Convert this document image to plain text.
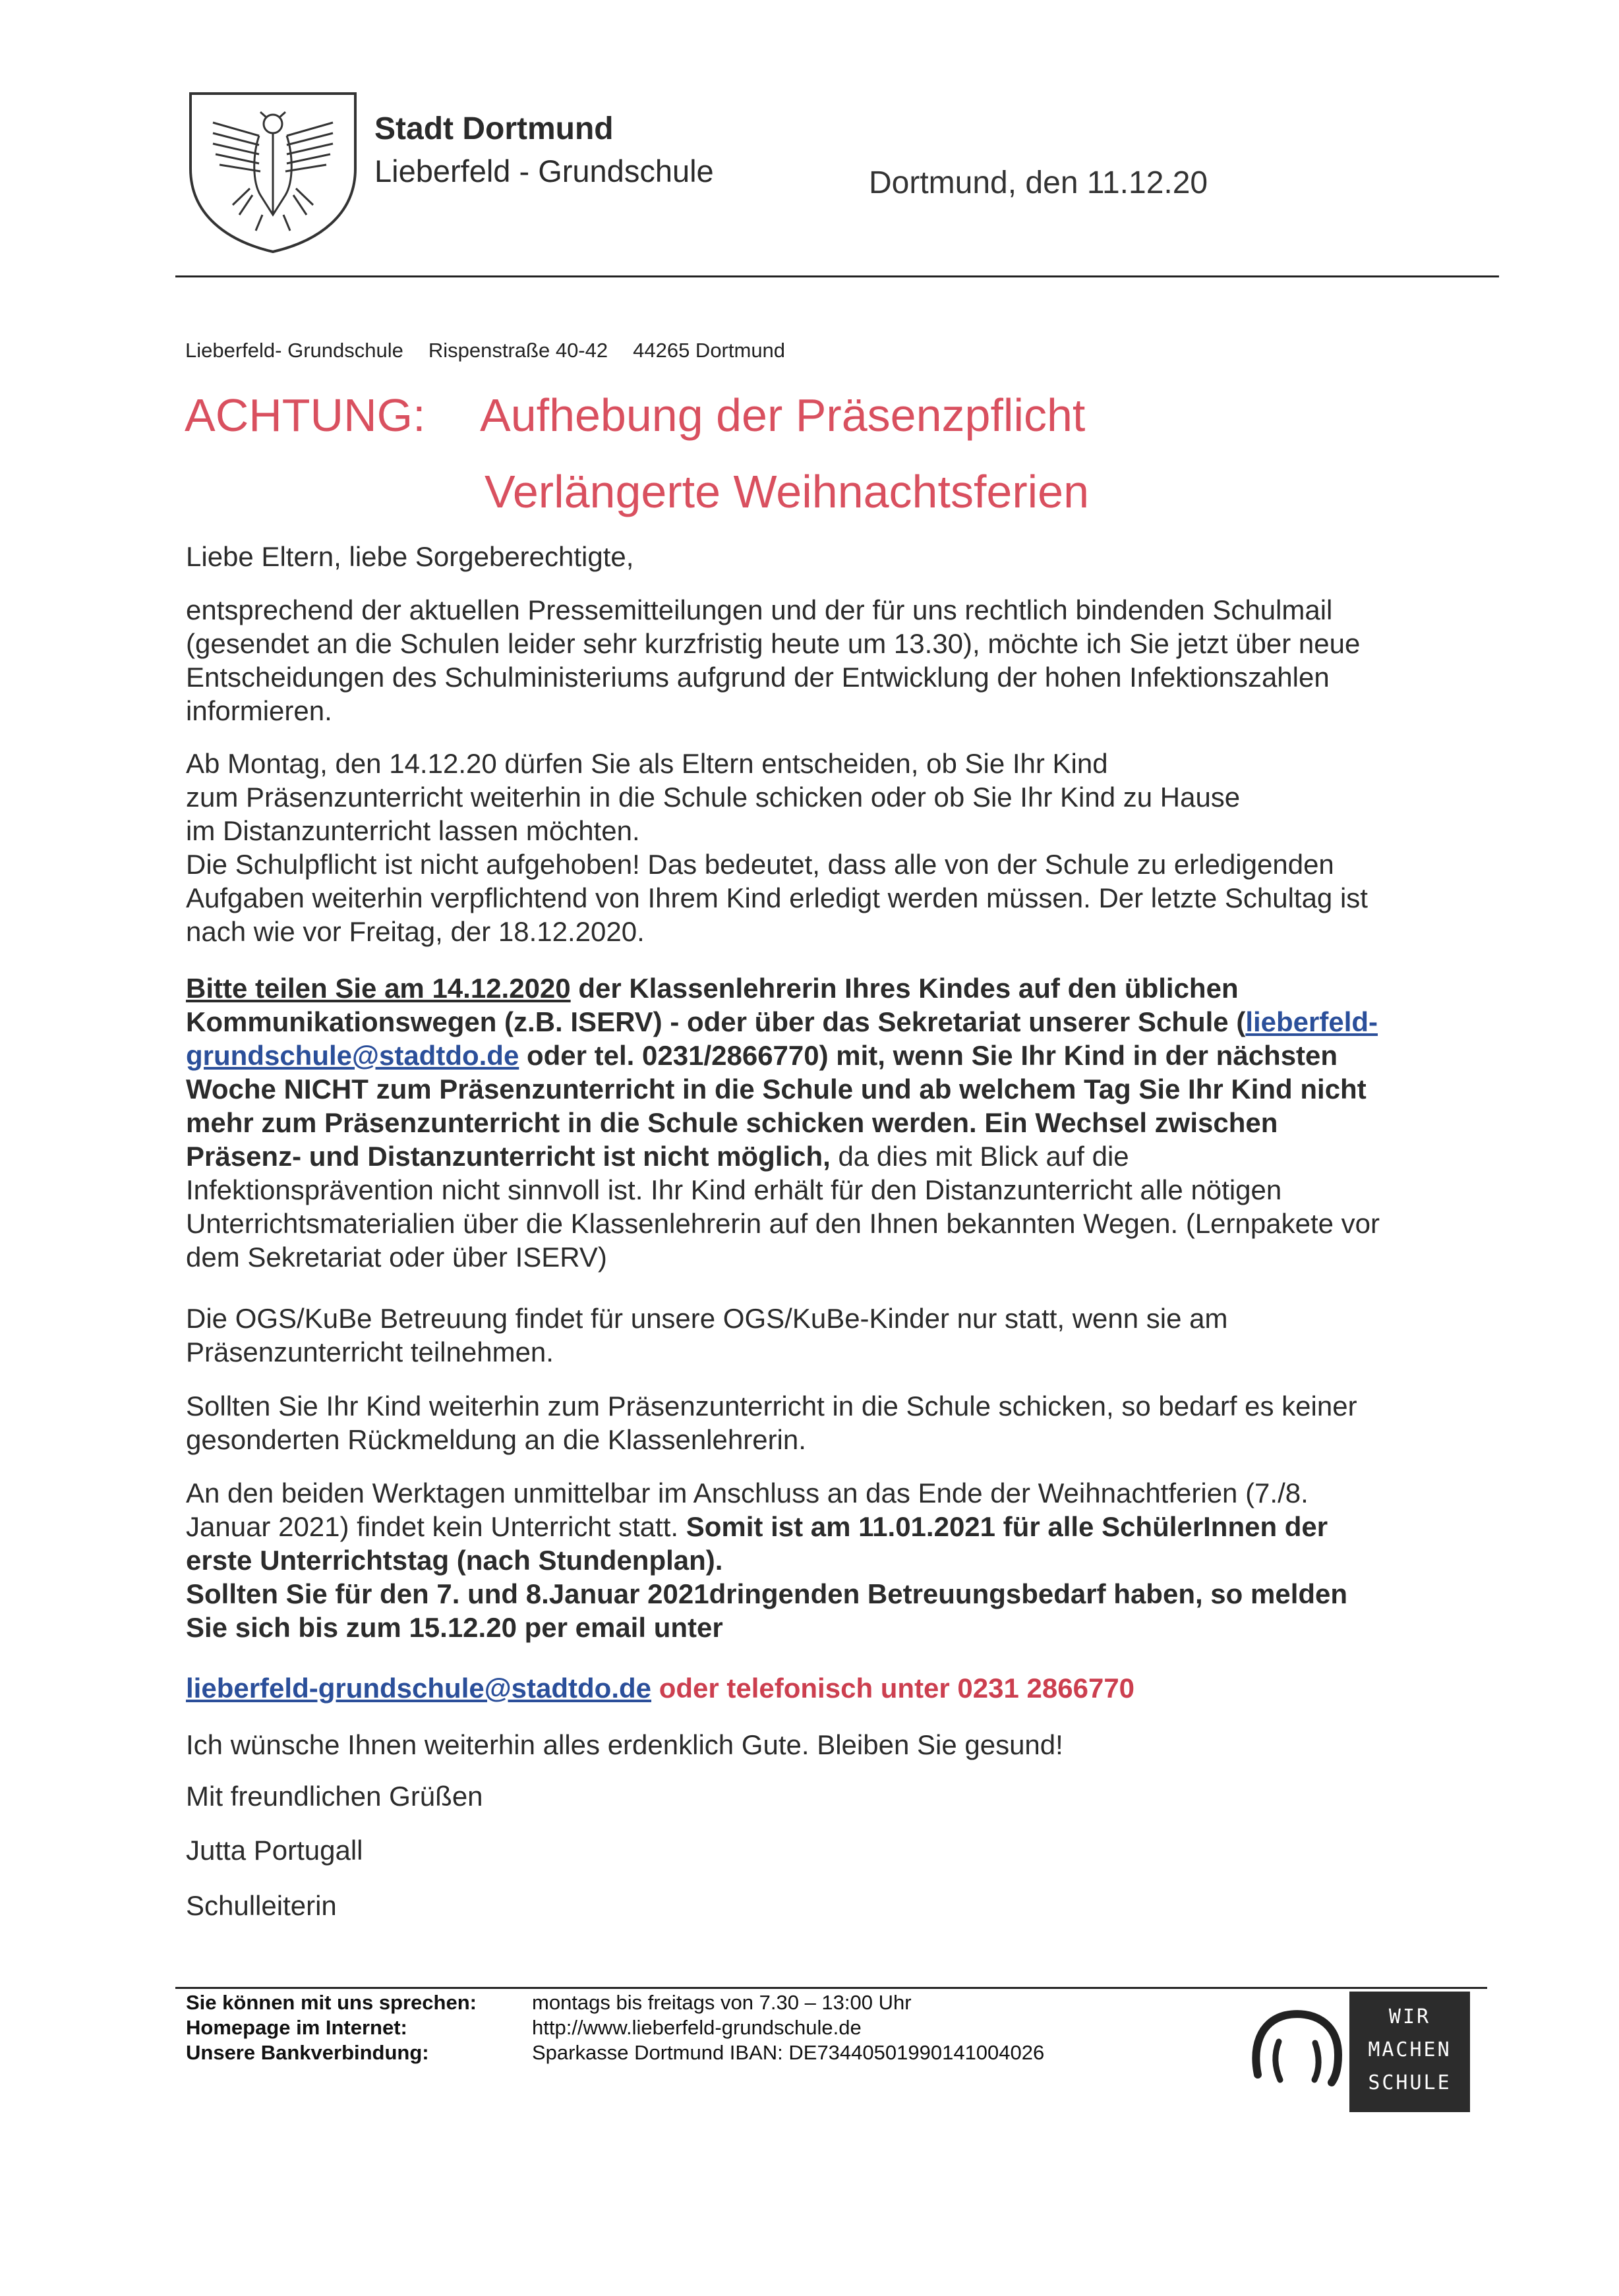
Stadt Dortmund
Lieberfeld - Grundschule	Dortmund, den 11.12.20
Lieberfeld- Grundschule Rispenstraße 40-42 44265 Dortmund
ACHTUNG: Aufhebung der Präsenzpflicht
Verlängerte Weihnachtsferien

Liebe Eltern, liebe Sorgeberechtigte,

entsprechend der aktuellen Pressemitteilungen und der für uns rechtlich bindenden Schulmail

(gesendet an die Schulen leider sehr kurzfristig heute um 13.30), möchte ich Sie jetzt über neue

Entscheidungen des Schulministeriums aufgrund der Entwicklung der hohen Infektionszahlen

informieren.

Ab Montag, den 14.12.20 dürfen Sie als Eltern entscheiden, ob Sie Ihr Kind

zum Präsenzunterricht weiterhin in die Schule schicken oder ob Sie Ihr Kind zu Hause

im Distanzunterricht lassen möchten.

Die Schulpflicht ist nicht aufgehoben! Das bedeutet, dass alle von der Schule zu erledigenden

Aufgaben weiterhin verpflichtend von Ihrem Kind erledigt werden müssen. Der letzte Schultag ist

nach wie vor Freitag, der 18.12.2020.

Bitte teilen Sie am 14.12.2020 der Klassenlehrerin Ihres Kindes auf den üblichen

Kommunikationswegen (z.B. ISERV) - oder über das Sekretariat unserer Schule (lieberfeld-

grundschule@stadtdo.de oder tel. 0231/2866770) mit, wenn Sie Ihr Kind in der nächsten

Woche NICHT zum Präsenzunterricht in die Schule und ab welchem Tag Sie Ihr Kind nicht

mehr zum Präsenzunterricht in die Schule schicken werden. Ein Wechsel zwischen

Präsenz- und Distanzunterricht ist nicht möglich, da dies mit Blick auf die

Infektionsprävention nicht sinnvoll ist. Ihr Kind erhält für den Distanzunterricht alle nötigen

Unterrichtsmaterialien über die Klassenlehrerin auf den Ihnen bekannten Wegen. (Lernpakete vor

dem Sekretariat oder über ISERV)

Die OGS/KuBe Betreuung findet für unsere OGS/KuBe-Kinder nur statt, wenn sie am

Präsenzunterricht teilnehmen.

Sollten Sie Ihr Kind weiterhin zum Präsenzunterricht in die Schule schicken, so bedarf es keiner

gesonderten Rückmeldung an die Klassenlehrerin.

An den beiden Werktagen unmittelbar im Anschluss an das Ende der Weihnachtferien (7./8.

Januar 2021) findet kein Unterricht statt. Somit ist am 11.01.2021 für alle SchülerInnen der

erste Unterrichtstag (nach Stundenplan).

Sollten Sie für den 7. und 8.Januar 2021dringenden Betreuungsbedarf haben, so melden

Sie sich bis zum 15.12.20 per email unter

lieberfeld-grundschule@stadtdo.de oder telefonisch unter 0231 2866770

Ich wünsche Ihnen weiterhin alles erdenklich Gute. Bleiben Sie gesund!

Mit freundlichen Grüßen

Jutta Portugall

Schulleiterin

Sie können mit uns sprechen:
Homepage im Internet:
Unsere Bankverbindung:
montags bis freitags von 7.30 – 13:00 Uhr
http://www.lieberfeld-grundschule.de
Sparkasse Dortmund IBAN: DE73440501990141004026
WIR
MACHEN
SCHULE
